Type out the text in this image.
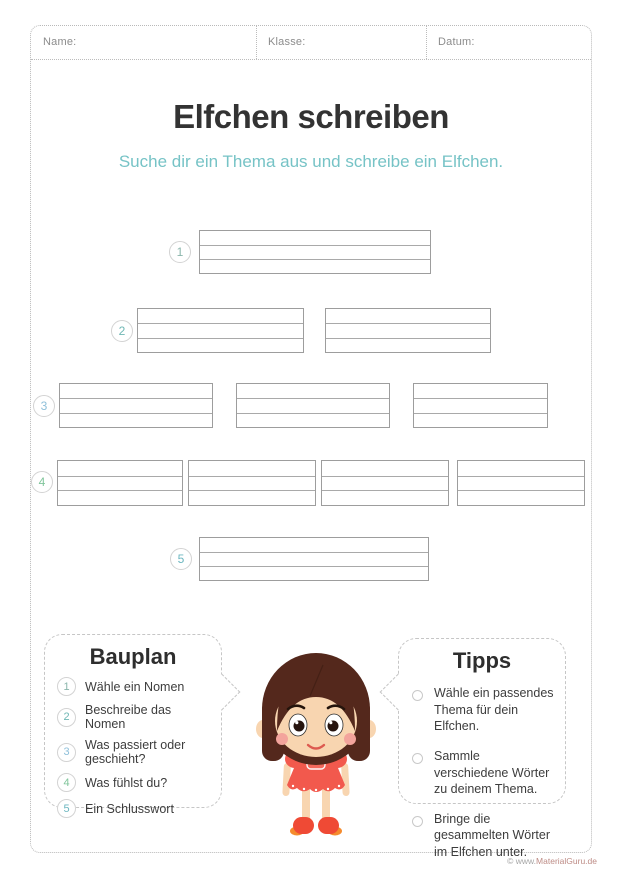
Name:	Klasse:	Datum:
Elfchen schreiben
Suche dir ein Thema aus und schreibe ein Elfchen.
1
2
3
4
5
Bauplan
1	Wähle ein Nomen
2	Beschreibe das Nomen
3	Was passiert oder geschieht?
4	Was fühlst du?
5	Ein Schlusswort
Tipps
Wähle ein passendes Thema für dein Elfchen.
Sammle verschiedene Wörter zu deinem Thema.
Bringe die gesammelten Wörter im Elfchen unter.
© www.MaterialGuru.de
